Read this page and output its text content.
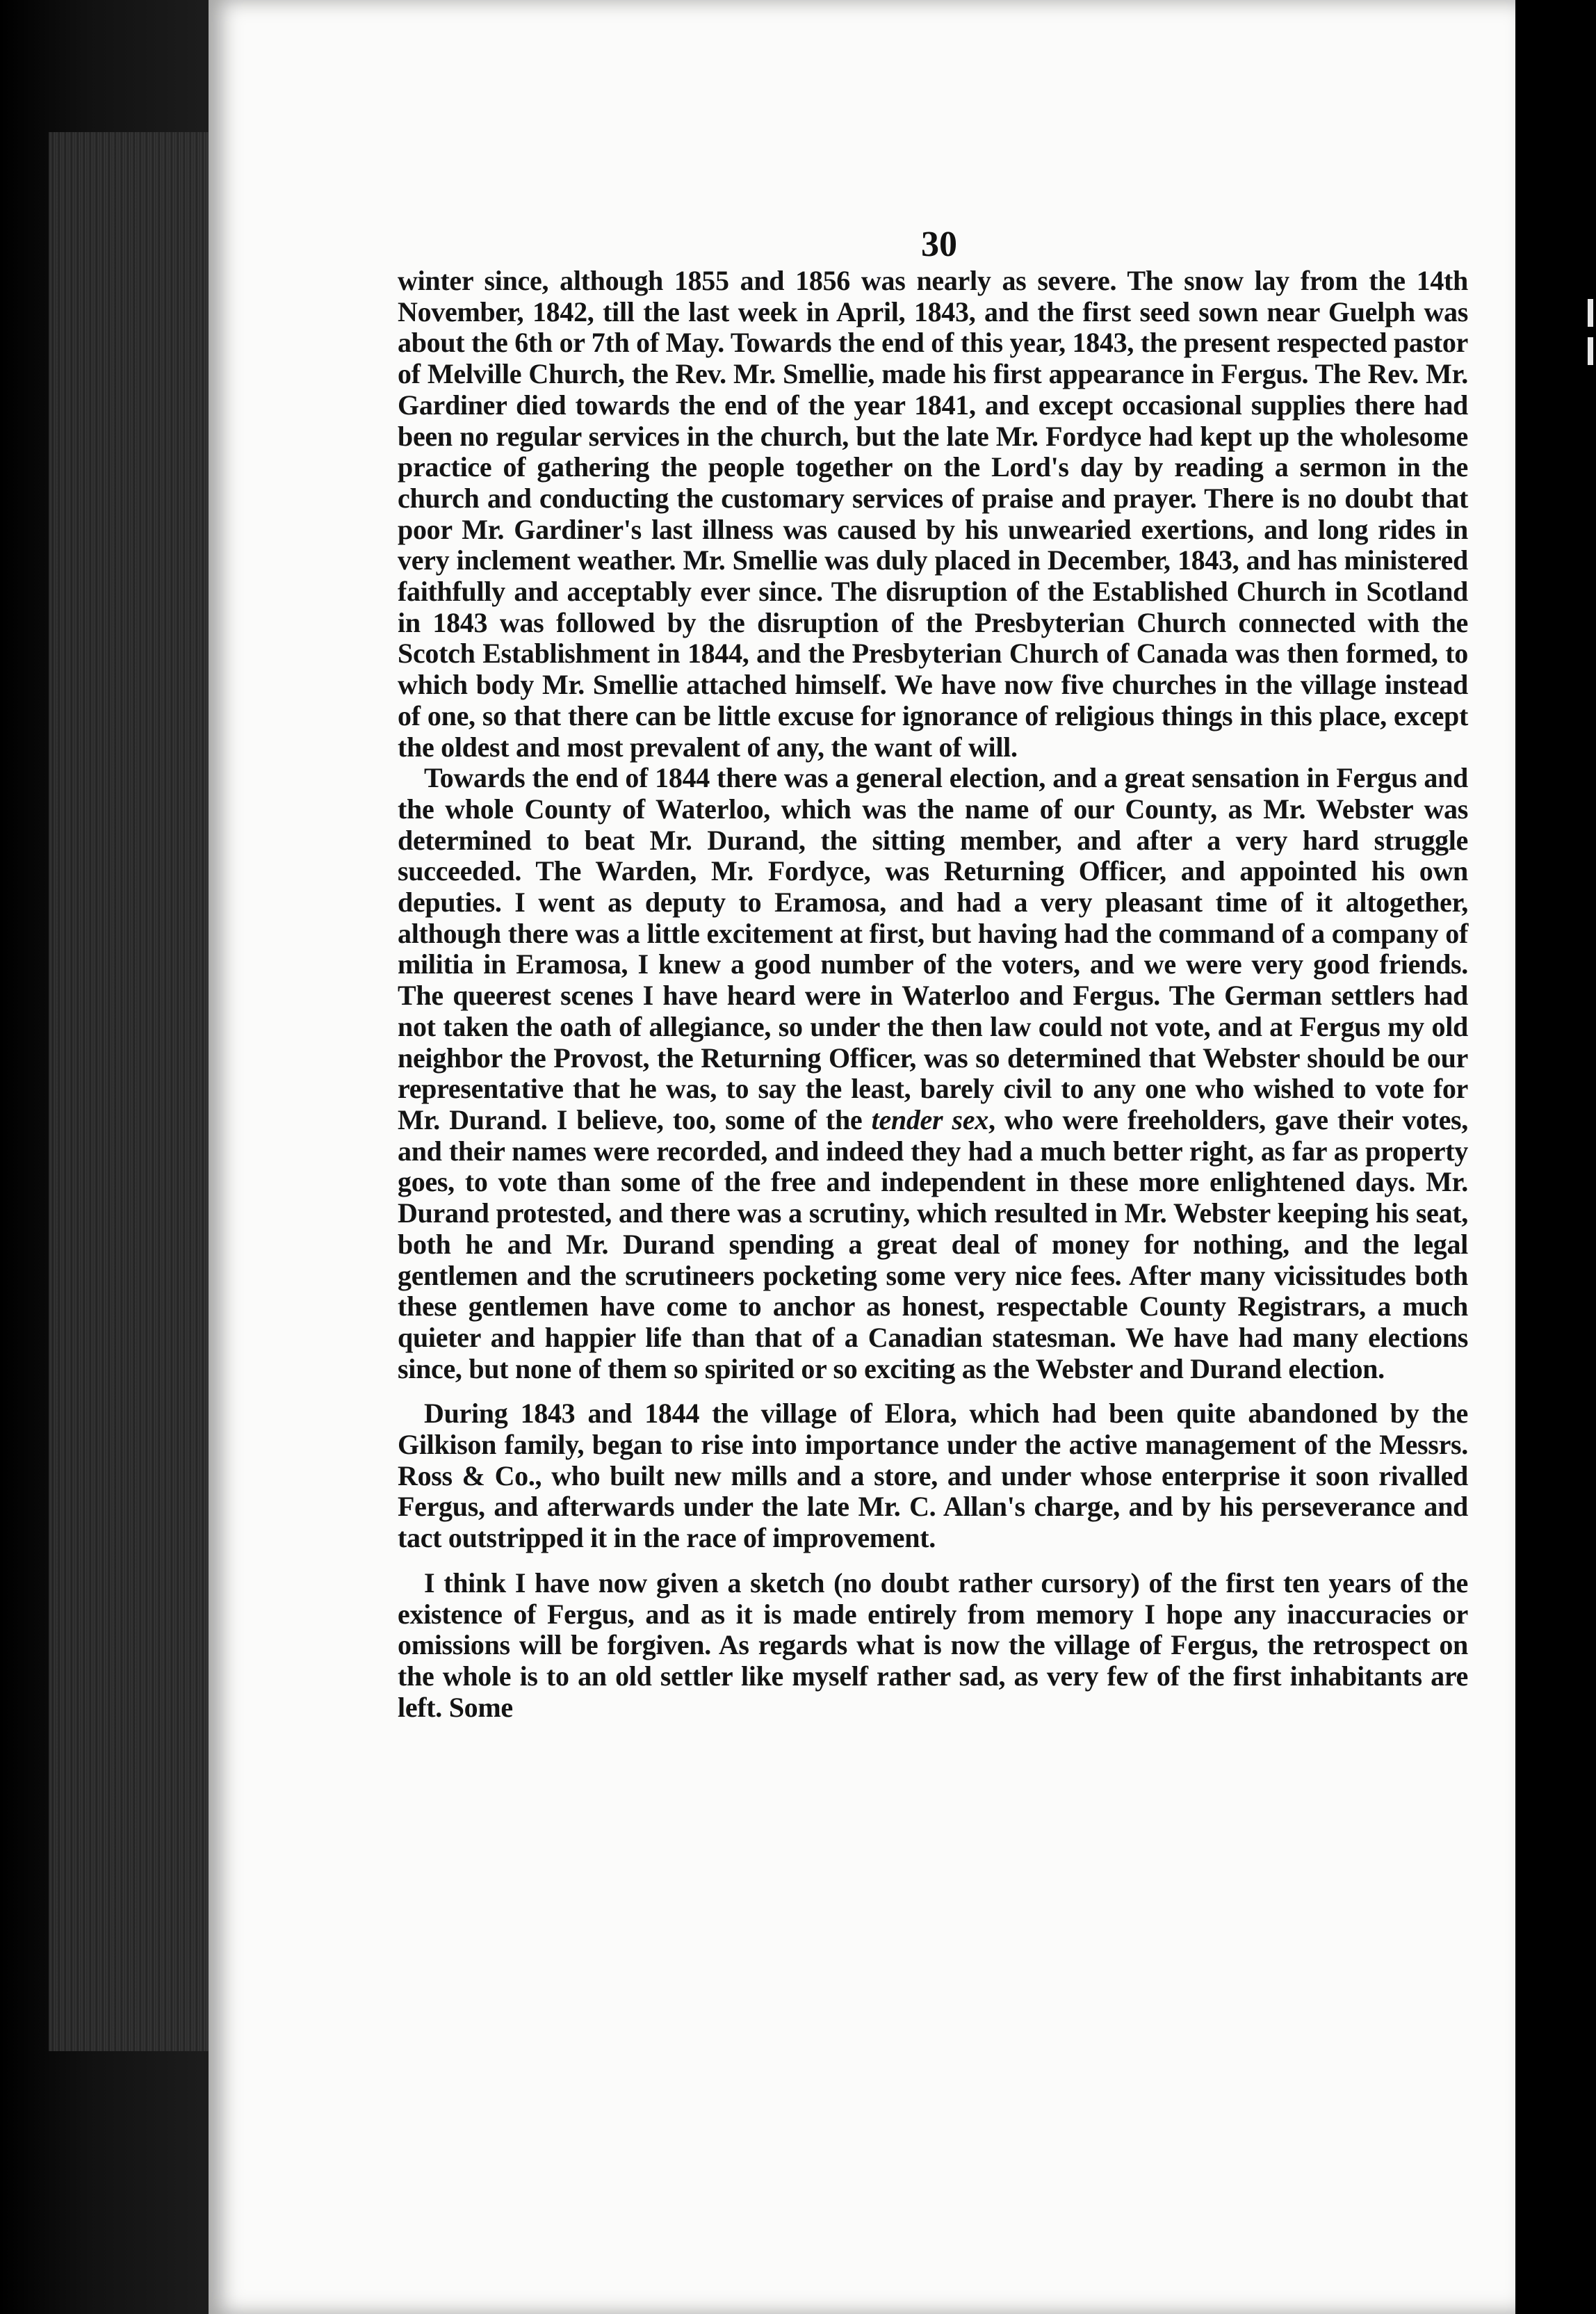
30

winter since, although 1855 and 1856 was nearly as severe. The snow lay from the 14th November, 1842, till the last week in April, 1843, and the first seed sown near Guelph was about the 6th or 7th of May. Towards the end of this year, 1843, the present respected pastor of Melville Church, the Rev. Mr. Smellie, made his first appearance in Fergus. The Rev. Mr. Gardiner died towards the end of the year 1841, and except occasional supplies there had been no regular services in the church, but the late Mr. Fordyce had kept up the wholesome practice of gathering the people together on the Lord's day by reading a sermon in the church and conducting the customary services of praise and prayer. There is no doubt that poor Mr. Gardiner's last illness was caused by his unwearied exertions, and long rides in very inclement weather. Mr. Smellie was duly placed in December, 1843, and has ministered faithfully and acceptably ever since. The disruption of the Established Church in Scotland in 1843 was followed by the disruption of the Presbyterian Church connected with the Scotch Establishment in 1844, and the Presbyterian Church of Canada was then formed, to which body Mr. Smellie attached himself. We have now five churches in the village instead of one, so that there can be little excuse for ignorance of religious things in this place, except the oldest and most prevalent of any, the want of will.

Towards the end of 1844 there was a general election, and a great sensation in Fergus and the whole County of Waterloo, which was the name of our County, as Mr. Webster was determined to beat Mr. Durand, the sitting member, and after a very hard struggle succeeded. The Warden, Mr. Fordyce, was Returning Officer, and appointed his own deputies. I went as deputy to Eramosa, and had a very pleasant time of it altogether, although there was a little excitement at first, but having had the command of a company of militia in Eramosa, I knew a good number of the voters, and we were very good friends. The queerest scenes I have heard were in Waterloo and Fergus. The German settlers had not taken the oath of allegiance, so under the then law could not vote, and at Fergus my old neighbor the Provost, the Returning Officer, was so determined that Webster should be our representative that he was, to say the least, barely civil to any one who wished to vote for Mr. Durand. I believe, too, some of the tender sex, who were freeholders, gave their votes, and their names were recorded, and indeed they had a much better right, as far as property goes, to vote than some of the free and independent in these more enlightened days. Mr. Durand protested, and there was a scrutiny, which resulted in Mr. Webster keeping his seat, both he and Mr. Durand spending a great deal of money for nothing, and the legal gentlemen and the scrutineers pocketing some very nice fees. After many vicissitudes both these gentlemen have come to anchor as honest, respectable County Registrars, a much quieter and happier life than that of a Canadian statesman. We have had many elections since, but none of them so spirited or so exciting as the Webster and Durand election.

During 1843 and 1844 the village of Elora, which had been quite abandoned by the Gilkison family, began to rise into importance under the active management of the Messrs. Ross & Co., who built new mills and a store, and under whose enterprise it soon rivalled Fergus, and afterwards under the late Mr. C. Allan's charge, and by his perseverance and tact outstripped it in the race of improvement.

I think I have now given a sketch (no doubt rather cursory) of the first ten years of the existence of Fergus, and as it is made entirely from memory I hope any inaccuracies or omissions will be forgiven. As regards what is now the village of Fergus, the retrospect on the whole is to an old settler like myself rather sad, as very few of the first inhabitants are left. Some
